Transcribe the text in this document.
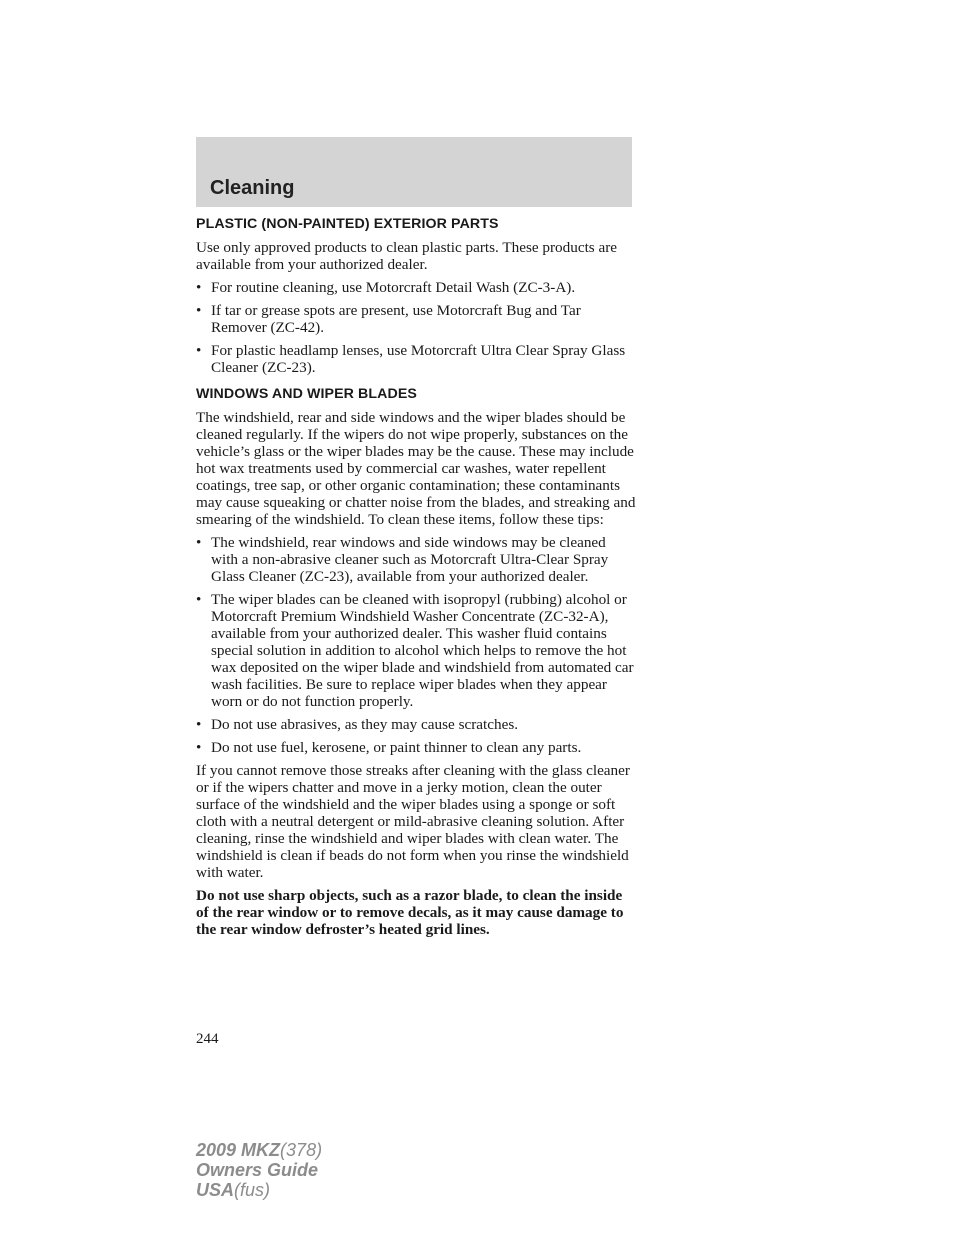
Cleaning
PLASTIC (NON-PAINTED) EXTERIOR PARTS

Use only approved products to clean plastic parts. These products are available from your authorized dealer.

• For routine cleaning, use Motorcraft Detail Wash (ZC-3-A).
• If tar or grease spots are present, use Motorcraft Bug and Tar Remover (ZC-42).
• For plastic headlamp lenses, use Motorcraft Ultra Clear Spray Glass Cleaner (ZC-23).
WINDOWS AND WIPER BLADES

The windshield, rear and side windows and the wiper blades should be cleaned regularly. If the wipers do not wipe properly, substances on the vehicle’s glass or the wiper blades may be the cause. These may include hot wax treatments used by commercial car washes, water repellent coatings, tree sap, or other organic contamination; these contaminants may cause squeaking or chatter noise from the blades, and streaking and smearing of the windshield. To clean these items, follow these tips:

• The windshield, rear windows and side windows may be cleaned with a non-abrasive cleaner such as Motorcraft Ultra-Clear Spray Glass Cleaner (ZC-23), available from your authorized dealer.
• The wiper blades can be cleaned with isopropyl (rubbing) alcohol or Motorcraft Premium Windshield Washer Concentrate (ZC-32-A), available from your authorized dealer. This washer fluid contains special solution in addition to alcohol which helps to remove the hot wax deposited on the wiper blade and windshield from automated car wash facilities. Be sure to replace wiper blades when they appear worn or do not function properly.
• Do not use abrasives, as they may cause scratches.
• Do not use fuel, kerosene, or paint thinner to clean any parts.

If you cannot remove those streaks after cleaning with the glass cleaner or if the wipers chatter and move in a jerky motion, clean the outer surface of the windshield and the wiper blades using a sponge or soft cloth with a neutral detergent or mild-abrasive cleaning solution. After cleaning, rinse the windshield and wiper blades with clean water. The windshield is clean if beads do not form when you rinse the windshield with water.

Do not use sharp objects, such as a razor blade, to clean the inside of the rear window or to remove decals, as it may cause damage to the rear window defroster’s heated grid lines.

244
2009 MKZ(378)
Owners Guide
USA(fus)
